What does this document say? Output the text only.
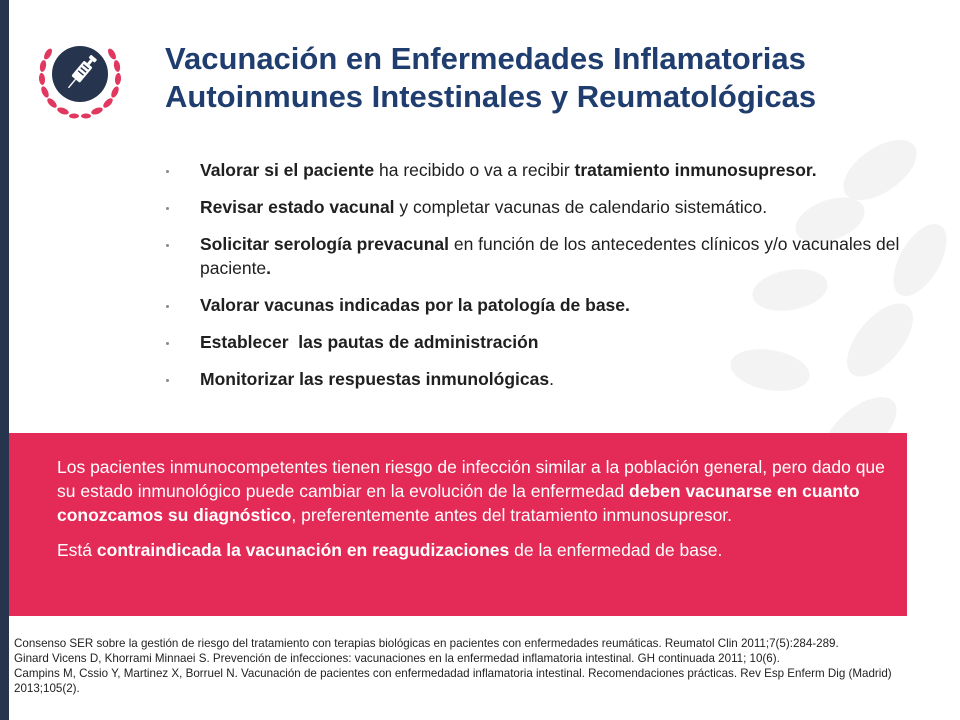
Vacunación en Enfermedades Inflamatorias
Autoinmunes Intestinales y Reumatológicas
Valorar si el paciente ha recibido o va a recibir tratamiento inmunosupresor.
Revisar estado vacunal y completar vacunas de calendario sistemático.
Solicitar serología prevacunal en función de los antecedentes clínicos y/o vacunales del paciente.
Valorar vacunas indicadas por la patología de base.
Establecer  las pautas de administración
Monitorizar las respuestas inmunológicas.

Los pacientes inmunocompetentes tienen riesgo de infección similar a la población general, pero dado que su estado inmunológico puede cambiar en la evolución de la enfermedad deben vacunarse en cuanto conozcamos su diagnóstico, preferentemente antes del tratamiento inmunosupresor.

Está contraindicada la vacunación en reagudizaciones de la enfermedad de base.

Consenso SER sobre la gestión de riesgo del tratamiento con terapias biológicas en pacientes con enfermedades reumáticas. Reumatol Clin 2011;7(5):284-289.
Ginard Vicens D, Khorrami Minnaei S. Prevención de infecciones: vacunaciones en la enfermedad inflamatoria intestinal. GH continuada 2011; 10(6).
Campins M, Cssio Y, Martinez X, Borruel N. Vacunación de pacientes con enfermedadad inflamatoria intestinal. Recomendaciones prácticas. Rev Esp Enferm Dig (Madrid) 2013;105(2).
